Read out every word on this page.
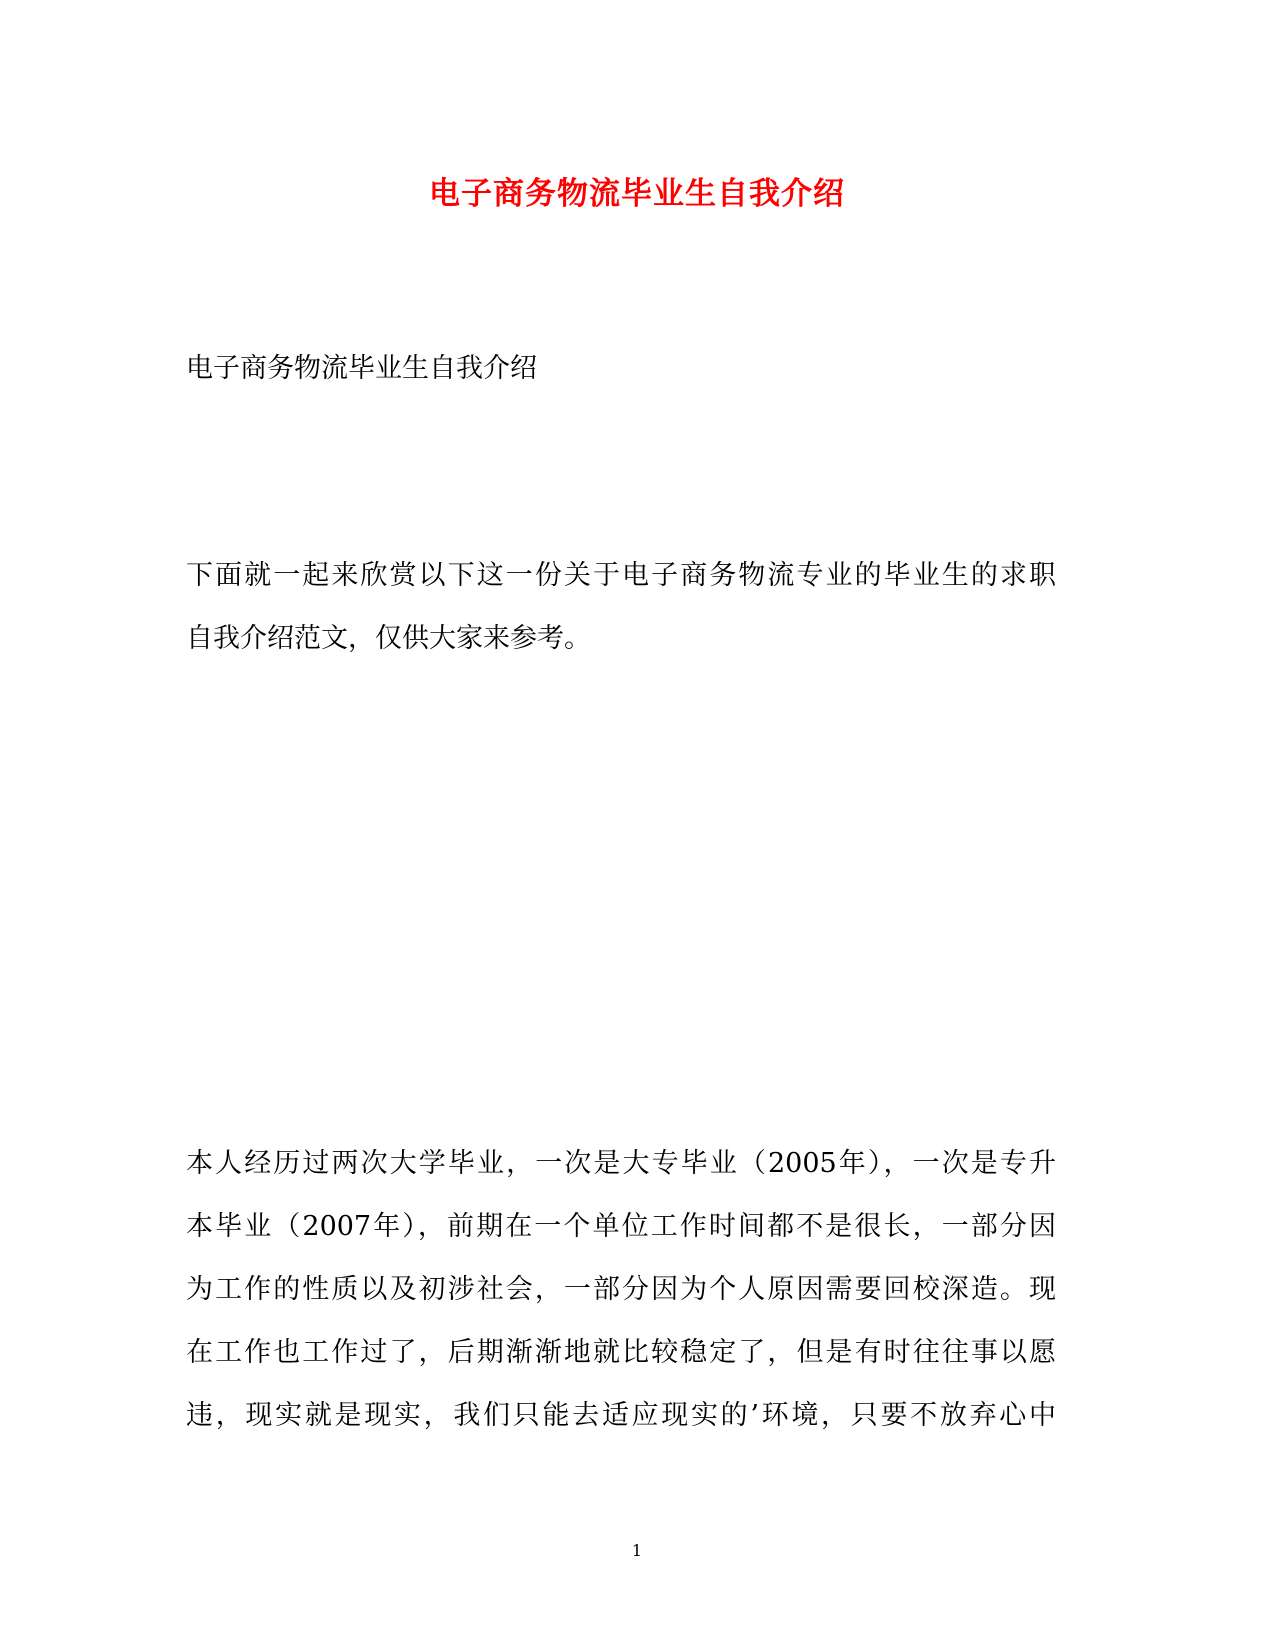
电子商务物流毕业生自我介绍
电子商务物流毕业生自我介绍
下面就一起来欣赏以下这一份关于电子商务物流专业的毕业生的求职
自我介绍范文，仅供大家来参考。
本人经历过两次大学毕业，一次是大专毕业（2005年），一次是专升
本毕业（2007年），前期在一个单位工作时间都不是很长，一部分因
为工作的性质以及初涉社会，一部分因为个人原因需要回校深造。现
在工作也工作过了，后期渐渐地就比较稳定了，但是有时往往事以愿
违，现实就是现实，我们只能去适应现实的’环境，只要不放弃心中
1
